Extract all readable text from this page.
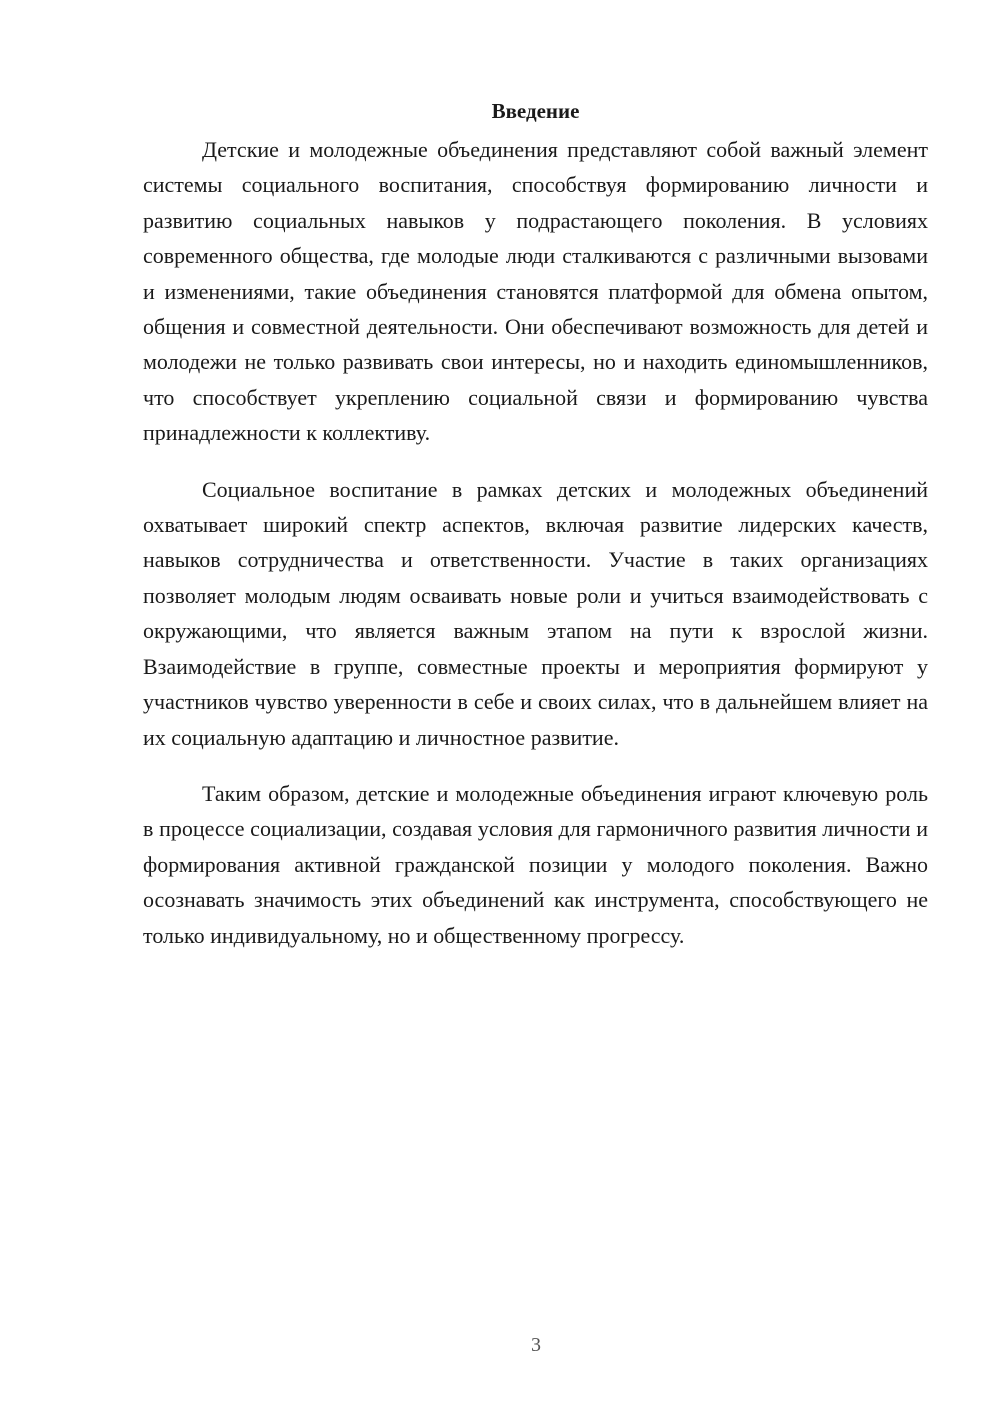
Введение

Детские и молодежные объединения представляют собой важный элемент системы социального воспитания, способствуя формированию личности и развитию социальных навыков у подрастающего поколения. В условиях современного общества, где молодые люди сталкиваются с различными вызовами и изменениями, такие объединения становятся платформой для обмена опытом, общения и совместной деятельности. Они обеспечивают возможность для детей и молодежи не только развивать свои интересы, но и находить единомышленников, что способствует укреплению социальной связи и формированию чувства принадлежности к коллективу.

Социальное воспитание в рамках детских и молодежных объединений охватывает широкий спектр аспектов, включая развитие лидерских качеств, навыков сотрудничества и ответственности. Участие в таких организациях позволяет молодым людям осваивать новые роли и учиться взаимодействовать с окружающими, что является важным этапом на пути к взрослой жизни. Взаимодействие в группе, совместные проекты и мероприятия формируют у участников чувство уверенности в себе и своих силах, что в дальнейшем влияет на их социальную адаптацию и личностное развитие.

Таким образом, детские и молодежные объединения играют ключевую роль в процессе социализации, создавая условия для гармоничного развития личности и формирования активной гражданской позиции у молодого поколения. Важно осознавать значимость этих объединений как инструмента, способствующего не только индивидуальному, но и общественному прогрессу.

3
